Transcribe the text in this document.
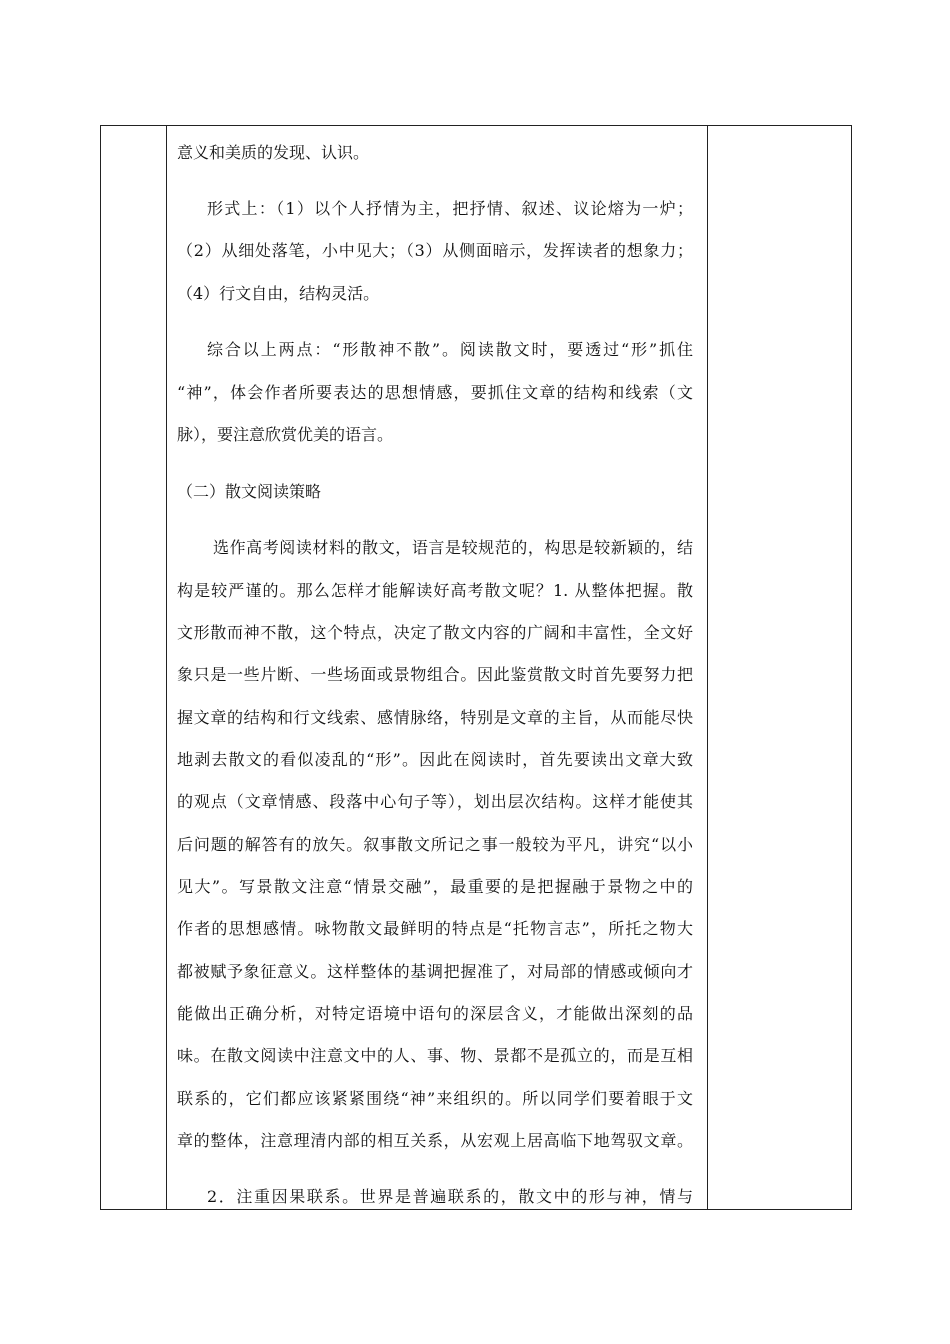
意义和美质的发现、认识。
形式上：（1）以个人抒情为主，把抒情、叙述、议论熔为一炉；
（2）从细处落笔，小中见大；（3）从侧面暗示，发挥读者的想象力；
（4）行文自由，结构灵活。
综合以上两点：“形散神不散”。阅读散文时，要透过“形”抓住
“神”，体会作者所要表达的思想情感，要抓住文章的结构和线索（文
脉），要注意欣赏优美的语言。
（二）散文阅读策略
选作高考阅读材料的散文，语言是较规范的，构思是较新颖的，结
构是较严谨的。那么怎样才能解读好高考散文呢？1. 从整体把握。散
文形散而神不散，这个特点，决定了散文内容的广阔和丰富性，全文好
象只是一些片断、一些场面或景物组合。因此鉴赏散文时首先要努力把
握文章的结构和行文线索、感情脉络，特别是文章的主旨，从而能尽快
地剥去散文的看似凌乱的“形”。因此在阅读时，首先要读出文章大致
的观点（文章情感、段落中心句子等），划出层次结构。这样才能使其
后问题的解答有的放矢。叙事散文所记之事一般较为平凡，讲究“以小
见大”。写景散文注意“情景交融”，最重要的是把握融于景物之中的
作者的思想感情。咏物散文最鲜明的特点是“托物言志”，所托之物大
都被赋予象征意义。这样整体的基调把握准了，对局部的情感或倾向才
能做出正确分析，对特定语境中语句的深层含义，才能做出深刻的品
味。在散文阅读中注意文中的人、事、物、景都不是孤立的，而是互相
联系的，它们都应该紧紧围绕“神”来组织的。所以同学们要着眼于文
章的整体，注意理清内部的相互关系，从宏观上居高临下地驾驭文章。
2．注重因果联系。世界是普遍联系的，散文中的形与神，情与
